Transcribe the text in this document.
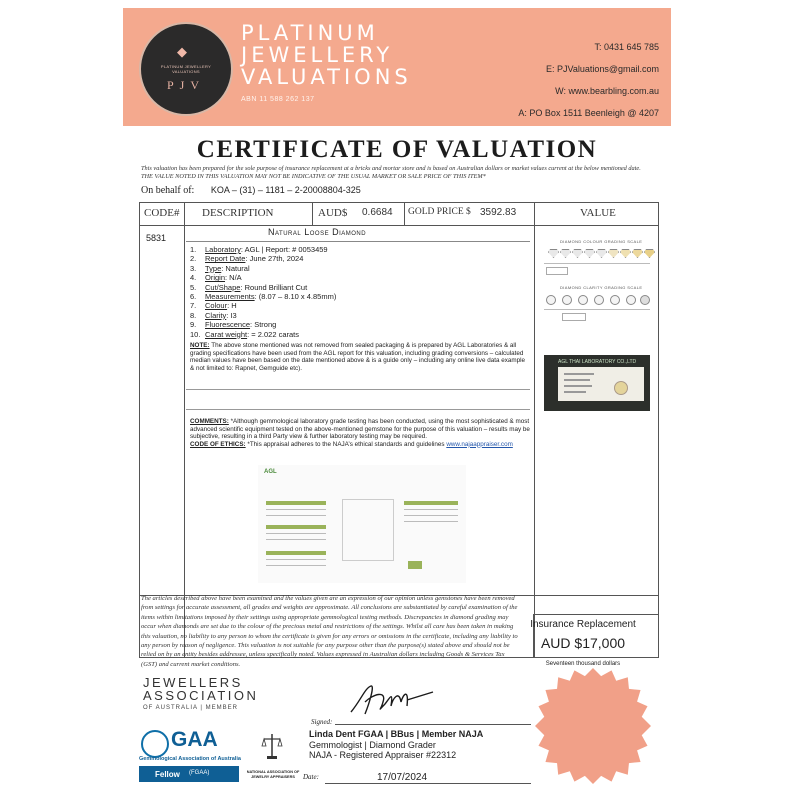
◆
PLATINUM JEWELLERY VALUATIONS
PJV
PLATINUM
JEWELLERY
VALUATIONS
ABN 11 588 262 137
T: 0431 645 785
E: PJValuations@gmail.com
W: www.bearbling.com.au
A: PO Box 1511 Beenleigh @ 4207
CERTIFICATE OF VALUATION
This valuation has been prepared for the sole purpose of insurance replacement at a bricks and mortar store and is based on Australian dollars or market values current at the below mentioned date.
THE VALUE NOTED IN THIS VALUATION MAY NOT BE INDICATIVE OF THE USUAL MARKET OR SALE PRICE OF THIS ITEM*
On behalf of: KOA – (31) – 1181 – 2-20008804-325
CODE# DESCRIPTION	AUD$ 0.6684 GOLD PRICE $ 3592.83	VALUE
5831
Natural Loose Diamond
1. Laboratory: AGL | Report: # 0053459
2. Report Date: June 27th, 2024
3. Type: Natural
4. Origin: N/A
5. Cut/Shape: Round Brilliant Cut
6. Measurements: (8.07 – 8.10 x 4.85mm)
7. Colour: H
8. Clarity: I3
9. Fluorescence: Strong
10. Carat weight: = 2.022 carats
NOTE: The above stone mentioned was not removed from sealed packaging & is prepared by AGL Laboratories & all grading specifications have been used from the AGL report for this valuation, including grading conversions – calculated median values have been based on the date mentioned above & is a guide only – including any online live data example & not limited to: Rapnet, Gemguide etc).
COMMENTS: *Although gemmological laboratory grade testing has been conducted, using the most sophisticated & most advanced scientific equipment tested on the above-mentioned gemstone for the purpose of this valuation – results may be subjective, resulting in a third Party view & further laboratory testing may be required.
CODE OF ETHICS: *This appraisal adheres to the NAJA’s ethical standards and guidelines www.najaappraiser.com
AGL
DIAMOND COLOUR GRADING SCALE
DIAMOND CLARITY GRADING SCALE
AGL THAI LABORATORY CO.,LTD
The articles described above have been examined and the values given are an expression of our opinion unless gemstones have been removed from settings for accurate assessment, all grades and weights are approximate. All conclusions are substantiated by careful examination of the items within limitations imposed by their settings using appropriate gemmological testing methods. Discrepancies in diamond grading may occur when diamonds are set due to the colour of the precious metal and restrictions of the settings. Whilst all care has been taken in making this valuation, no liability to any person to whom the certificate is given for any errors or omissions in the certificate, including any liability to any person by reason of negligence. This valuation is not suitable for any purpose other than the purpose(s) stated above and should not be relied on by an entity besides addressee, unless specifically noted. Values expressed in Australian dollars including Goods & Services Tax (GST) and current market conditions.
Insurance Replacement
AUD $17,000
Seventeen thousand dollars
JEWELLERS
ASSOCIATION
OF AUSTRALIA | MEMBER
GAA
Gemmological Association of Australia
Fellow (FGAA)	NATIONAL ASSOCIATION OF JEWELRY APPRAISERS
Signed:
Linda Dent FGAA | BBus | Member NAJA
Gemmologist | Diamond Grader
NAJA - Registered Appraiser #22312
Date:	17/07/2024
